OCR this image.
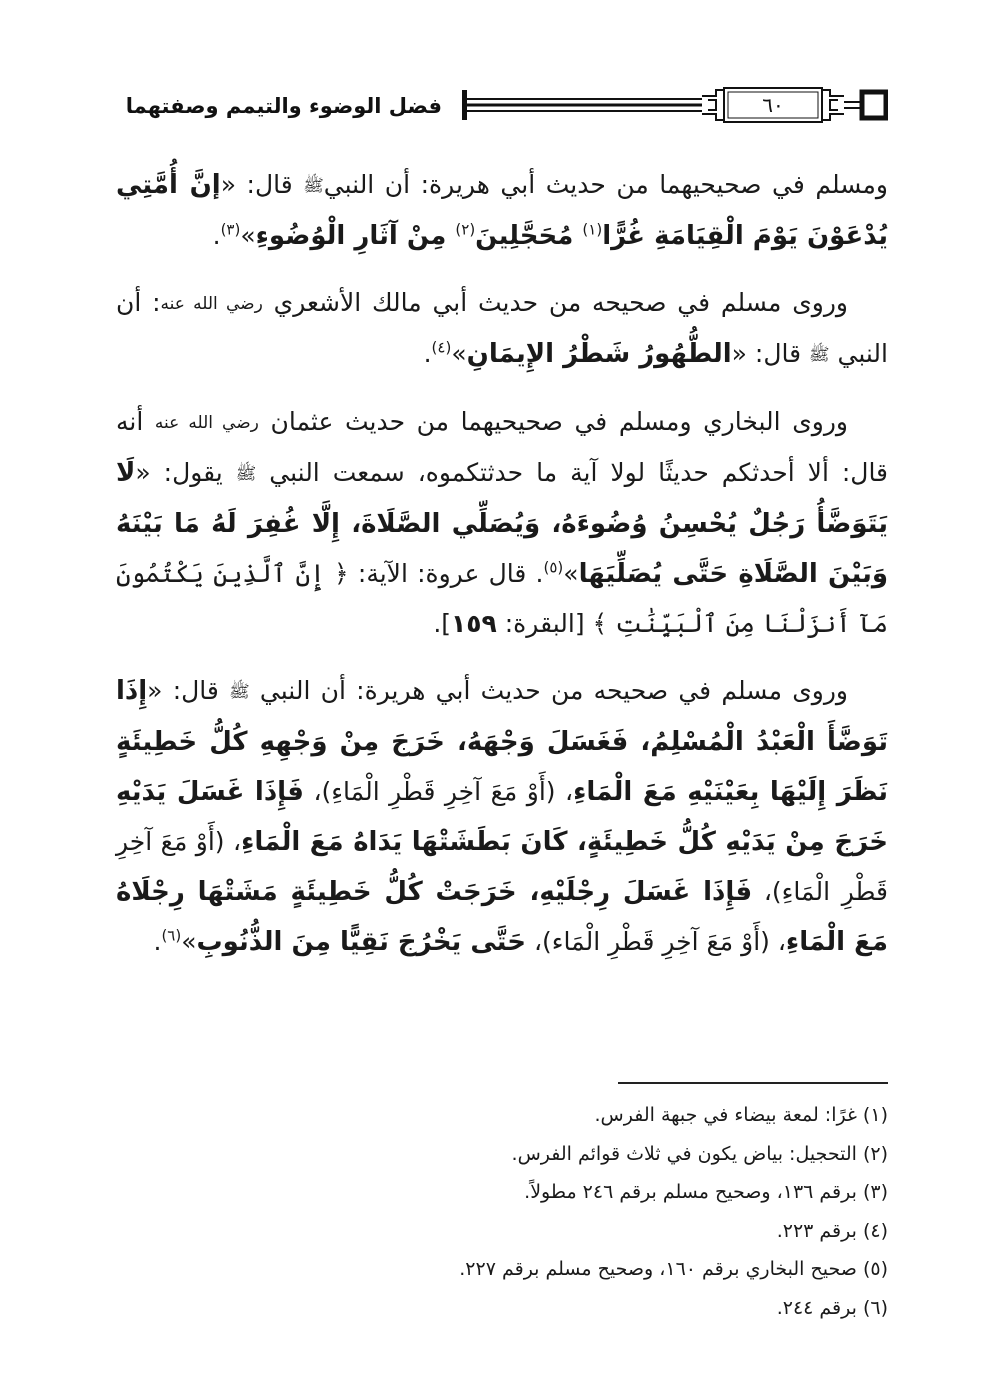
فضل الوضوء والتيمم وصفتهما	٦٠

ومسلم في صحيحيهما من حديث أبي هريرة: أن النبيﷺ قال: «إنَّ أُمَّتِي يُدْعَوْنَ يَوْمَ الْقِيَامَةِ غُرًّا$^{(١)}$ مُحَجَّلِينَ$^{(٢)}$ مِنْ آثَارِ الْوُضُوءِ»$^{(٣)}$.

وروى مسلم في صحيحه من حديث أبي مالك الأشعري رضي الله عنه: أن النبي ﷺ قال: «الطُّهُورُ شَطْرُ الإِيمَانِ»$^{(٤)}$.

وروى البخاري ومسلم في صحيحيهما من حديث عثمان رضي الله عنه أنه قال: ألا أحدثكم حديثًا لولا آية ما حدثتكموه، سمعت النبي ﷺ يقول: «لَا يَتَوَضَّأُ رَجُلٌ يُحْسِنُ وُضُوءَهُ، وَيُصَلِّي الصَّلَاةَ، إِلَّا غُفِرَ لَهُ مَا بَيْنَهُ وَبَيْنَ الصَّلَاةِ حَتَّى يُصَلِّيَهَا»$^{(٥)}$. قال عروة: الآية: ﴿ إِنَّ ٱلَّذِينَ يَكْتُمُونَ مَآ أَنزَلْنَا مِنَ ٱلْبَيِّنَٰتِ ﴾ [البقرة: ١٥٩].

وروى مسلم في صحيحه من حديث أبي هريرة: أن النبي ﷺ قال: «إِذَا تَوَضَّأَ الْعَبْدُ الْمُسْلِمُ، فَغَسَلَ وَجْهَهُ، خَرَجَ مِنْ وَجْهِهِ كُلُّ خَطِيئَةٍ نَظَرَ إِلَيْهَا بِعَيْنَيْهِ مَعَ الْمَاءِ، (أَوْ مَعَ آخِرِ قَطْرِ الْمَاءِ)، فَإِذَا غَسَلَ يَدَيْهِ خَرَجَ مِنْ يَدَيْهِ كُلُّ خَطِيئَةٍ، كَانَ بَطَشَتْهَا يَدَاهُ مَعَ الْمَاءِ، (أَوْ مَعَ آخِرِ قَطْرِ الْمَاءِ)، فَإِذَا غَسَلَ رِجْلَيْهِ، خَرَجَتْ كُلُّ خَطِيئَةٍ مَشَتْهَا رِجْلَاهُ مَعَ الْمَاءِ، (أَوْ مَعَ آخِرِ قَطْرِ الْمَاء)، حَتَّى يَخْرُجَ نَقِيًّا مِنَ الذُّنُوبِ»$^{(٦)}$.

(١) غرًا: لمعة بيضاء في جبهة الفرس.
(٢) التحجيل: بياض يكون في ثلاث قوائم الفرس.
(٣) برقم ١٣٦، وصحيح مسلم برقم ٢٤٦ مطولاً.
(٤) برقم ٢٢٣.
(٥) صحيح البخاري برقم ١٦٠، وصحيح مسلم برقم ٢٢٧.
(٦) برقم ٢٤٤.
